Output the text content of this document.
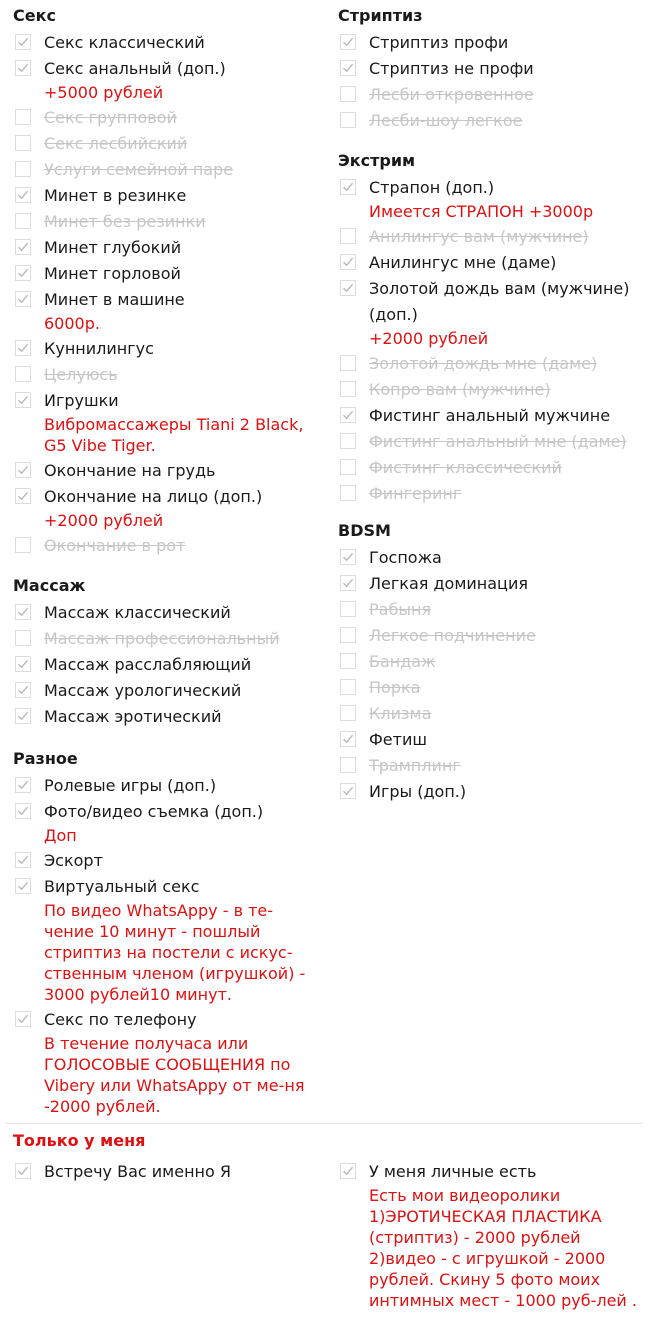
Секс
Секс классический
Секс анальный (доп.)
+5000 рублей
Секс групповой
Секс лесбийский
Услуги семейной паре
Минет в резинке
Минет без резинки
Минет глубокий
Минет горловой
Минет в машине
6000р.
Куннилингус
Целуюсь
Игрушки
Вибромассажеры Tiani 2 Black, G5 Vibe Tiger.
Окончание на грудь
Окончание на лицо (доп.)
+2000 рублей
Окончание в рот
Массаж
Массаж классический
Массаж профессиональный
Массаж расслабляющий
Массаж урологический
Массаж эротический
Разное
Ролевые игры (доп.)
Фото/видео съемка (доп.)
Доп
Эскорт
Виртуальный секс
По видео WhatsAppy - в те-чение 10 минут - пошлый стриптиз на постели с искус-ственным членом (игрушкой) - 3000 рублей10 минут.
Секс по телефону
В течение получаса или ГОЛОСОВЫЕ СООБЩЕНИЯ по Vibery или WhatsAppy от ме-ня -2000 рублей.
Стриптиз
Стриптиз профи
Стриптиз не профи
Лесби откровенное
Лесби-шоу легкое
Экстрим
Страпон (доп.)
Имеется СТРАПОН +3000р
Анилингус вам (мужчине)
Анилингус мне (даме)
Золотой дождь вам (мужчине) (доп.)
+2000 рублей
Золотой дождь мне (даме)
Копро вам (мужчине)
Фистинг анальный мужчине
Фистинг анальный мне (даме)
Фистинг классический
Фингеринг
BDSM
Госпожа
Легкая доминация
Рабыня
Легкое подчинение
Бандаж
Порка
Клизма
Фетиш
Трамплинг
Игры (доп.)
Только у меня
Встречу Вас именно Я	У меня личные есть
Есть мои видеоролики 1)ЭРОТИЧЕСКАЯ ПЛАСТИКА (стриптиз) - 2000 рублей 2)видео - с игрушкой - 2000 рублей. Скину 5 фото моих интимных мест - 1000 руб-лей .
